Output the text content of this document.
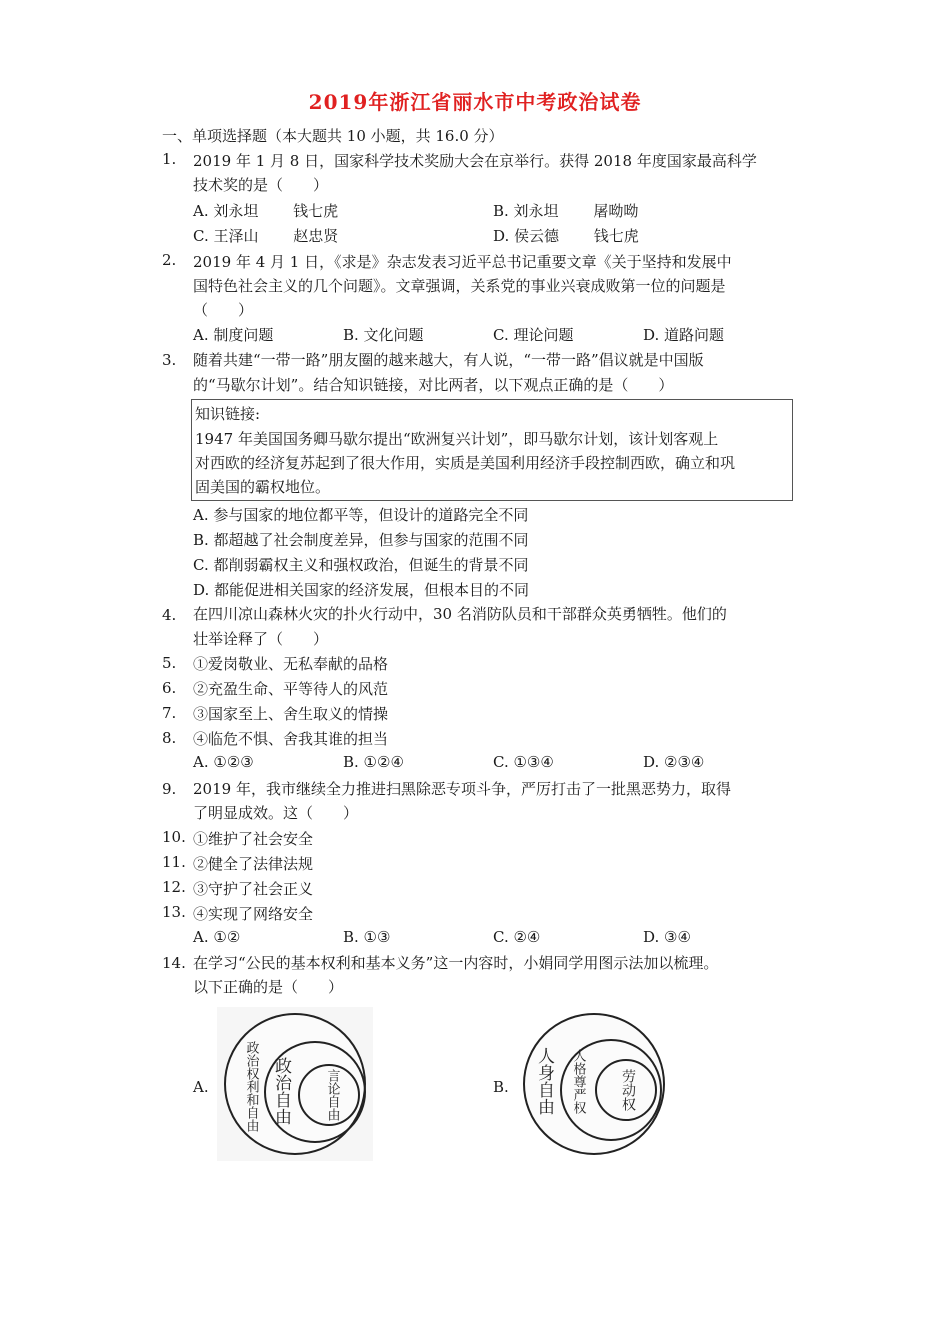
2019年浙江省丽水市中考政治试卷
一、单项选择题（本大题共 10 小题，共 16.0 分）
1.	2019 年 1 月 8 日，国家科学技术奖励大会在京举行。获得 2018 年度国家最高科学
技术奖的是（　　）
A. 刘永坦　　 钱七虎	B. 刘永坦　　 屠呦呦
C. 王泽山　　 赵忠贤	D. 侯云德　　 钱七虎
2.	2019 年 4 月 1 日，《求是》杂志发表习近平总书记重要文章《关于坚持和发展中
国特色社会主义的几个问题》。文章强调，关系党的事业兴衰成败第一位的问题是
（　　）
A. 制度问题	B. 文化问题	C. 理论问题	D. 道路问题
3.	随着共建“一带一路”朋友圈的越来越大，有人说，“一带一路”倡议就是中国版
的“马歇尔计划”。结合知识链接，对比两者，以下观点正确的是（　　）
知识链接:
1947 年美国国务卿马歇尔提出“欧洲复兴计划”，即马歇尔计划，该计划客观上
对西欧的经济复苏起到了很大作用，实质是美国利用经济手段控制西欧，确立和巩
固美国的霸权地位。
A. 参与国家的地位都平等，但设计的道路完全不同
B. 都超越了社会制度差异，但参与国家的范围不同
C. 都削弱霸权主义和强权政治，但诞生的背景不同
D. 都能促进相关国家的经济发展，但根本目的不同
4.	在四川凉山森林火灾的扑火行动中，30 名消防队员和干部群众英勇牺牲。他们的
壮举诠释了（　　）
5.	①爱岗敬业、无私奉献的品格
6.	②充盈生命、平等待人的风范
7.	③国家至上、舍生取义的情操
8.	④临危不惧、舍我其谁的担当
A. ①②③	B. ①②④	C. ①③④	D. ②③④
9.	2019 年，我市继续全力推进扫黑除恶专项斗争，严厉打击了一批黑恶势力，取得
了明显成效。这（　　）
10. ①维护了社会安全
11. ②健全了法律法规
12. ③守护了社会正义
13. ④实现了网络安全
A. ①②	B. ①③	C. ②④	D. ③④
14. 在学习“公民的基本权利和基本义务”这一内容时，小娟同学用图示法加以梳理。
以下正确的是（　　）
A.	B.
政治权利和自由 政治自由	言论自由	人身自由 人格尊严权 劳动权
